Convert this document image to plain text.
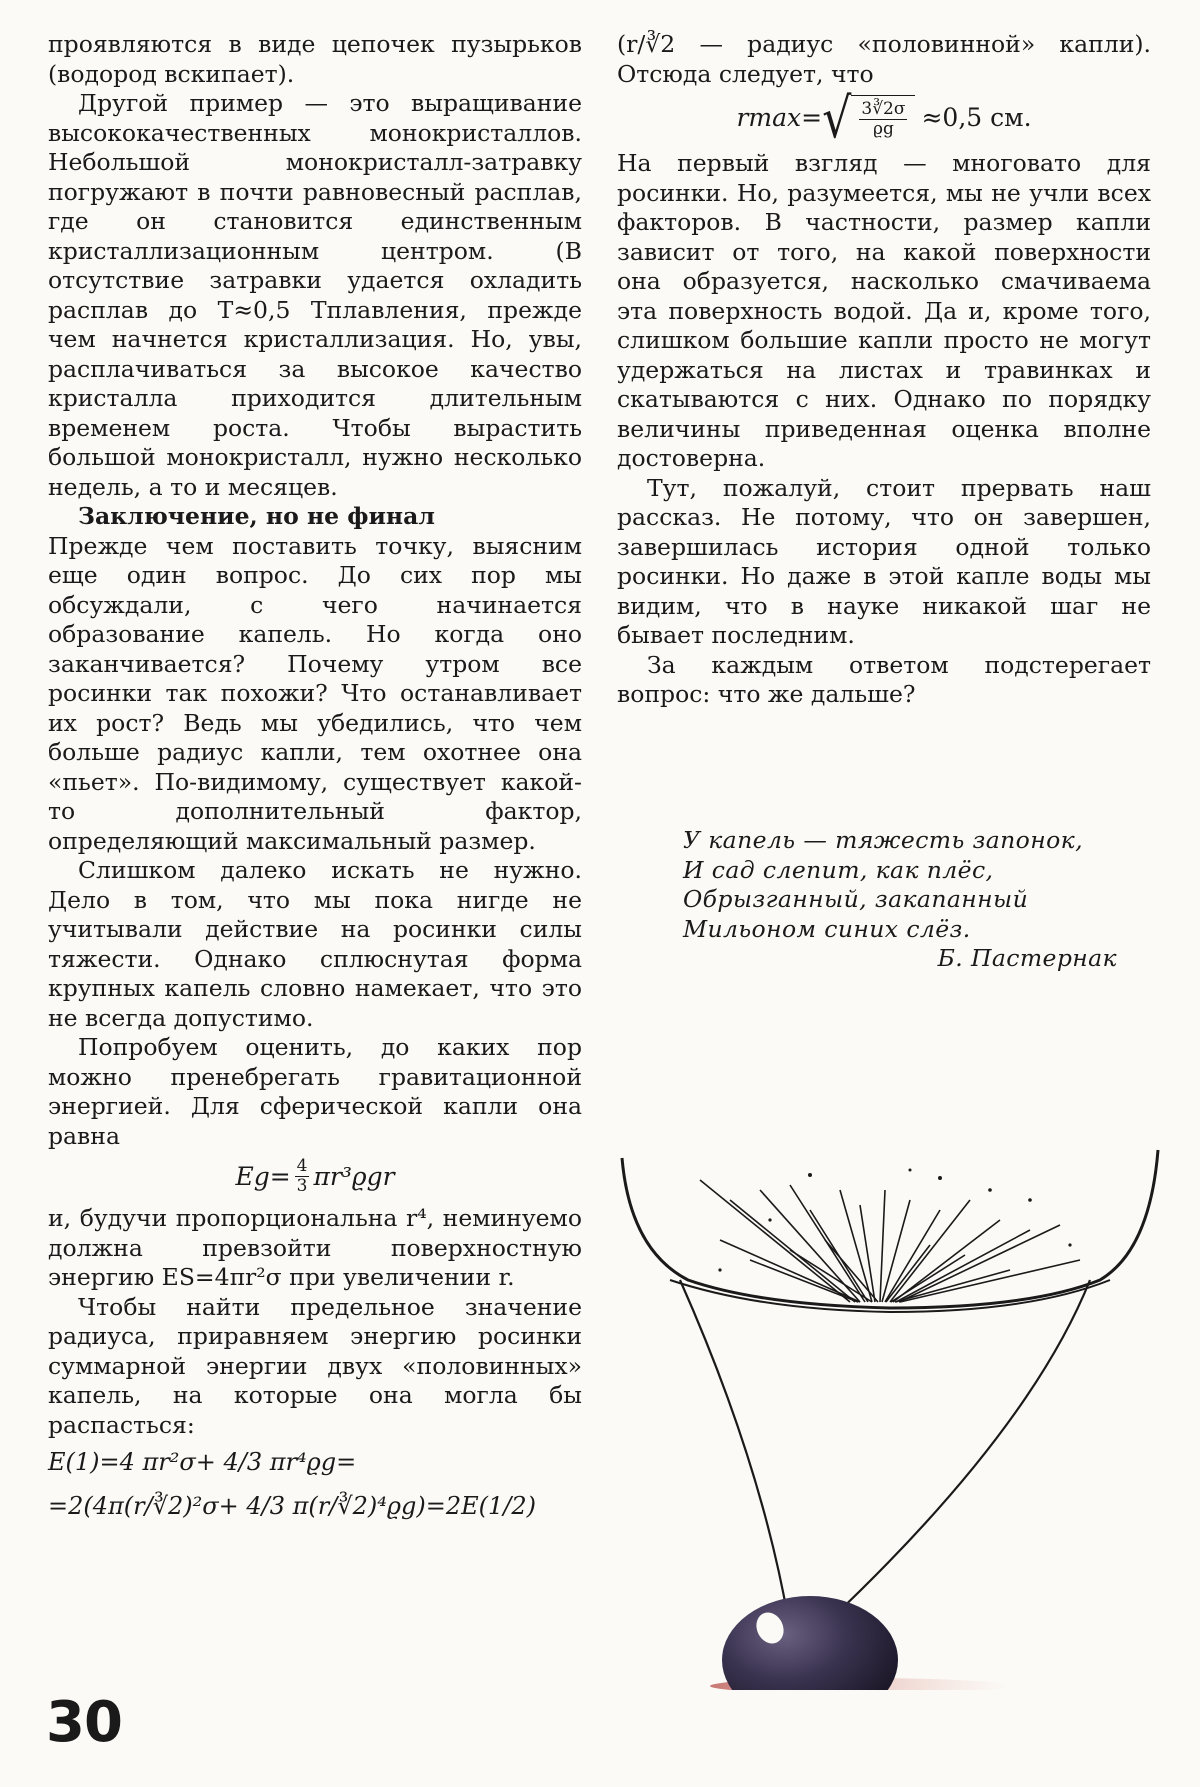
проявляются в виде цепочек пузырьков (водород вскипает).

Другой пример — это выращивание высококачественных монокристаллов. Небольшой монокристалл-затравку погружают в почти равновесный расплав, где он становится единственным кристаллизационным центром. (В отсутствие затравки удается охладить расплав до T≈0,5 Tплавления, прежде чем начнется кристаллизация. Но, увы, расплачиваться за высокое качество кристалла приходится длительным временем роста. Чтобы вырастить большой монокристалл, нужно несколько недель, а то и месяцев.

Заключение, но не финал

Прежде чем поставить точку, выясним еще один вопрос. До сих пор мы обсуждали, с чего начинается образование капель. Но когда оно заканчивается? Почему утром все росинки так похожи? Что останавливает их рост? Ведь мы убедились, что чем больше радиус капли, тем охотнее она «пьет». По-видимому, существует какой-то дополнительный фактор, определяющий максимальный размер.

Слишком далеко искать не нужно. Дело в том, что мы пока нигде не учитывали действие на росинки силы тяжести. Однако сплюснутая форма крупных капель словно намекает, что это не всегда допустимо.

Попробуем оценить, до каких пор можно пренебрегать гравитационной энергией. Для сферической капли она равна

$Eg= \frac{4}{3} \pi r^3ϱgr$

и, будучи пропорциональна r⁴, неминуемо должна превзойти поверхностную энергию ES=4πr²σ при увеличении r.

Чтобы найти предельное значение радиуса, приравняем энергию росинки суммарной энергии двух «половинных» капель, на которые она могла бы распасться:

E(1)=4 πr²σ+ 4/3 πr⁴ϱg=
=2(4π(r/∛2)²σ+ 4/3 π(r/∛2)⁴ϱg)=2E(1/2)

(r/∛2 — радиус «половинной» капли). Отсюда следует, что

rmax= √ $\frac{3∛2\sigma}{ϱg} \approx 0,5$ см.

На первый взгляд — многовато для росинки. Но, разумеется, мы не учли всех факторов. В частности, размер капли зависит от того, на какой поверхности она образуется, насколько смачиваема эта поверхность водой. Да и, кроме того, слишком большие капли просто не могут удержаться на листах и травинках и скатываются с них. Однако по порядку величины приведенная оценка вполне достоверна.

Тут, пожалуй, стоит прервать наш рассказ. Не потому, что он завершен, завершилась история одной только росинки. Но даже в этой капле воды мы видим, что в науке никакой шаг не бывает последним.

За каждым ответом подстерегает вопрос: что же дальше?

У капель — тяжесть запонок,
И сад слепит, как плёс,
Обрызганный, закапанный
Мильоном синих слёз.
Б. Пастернак
30
